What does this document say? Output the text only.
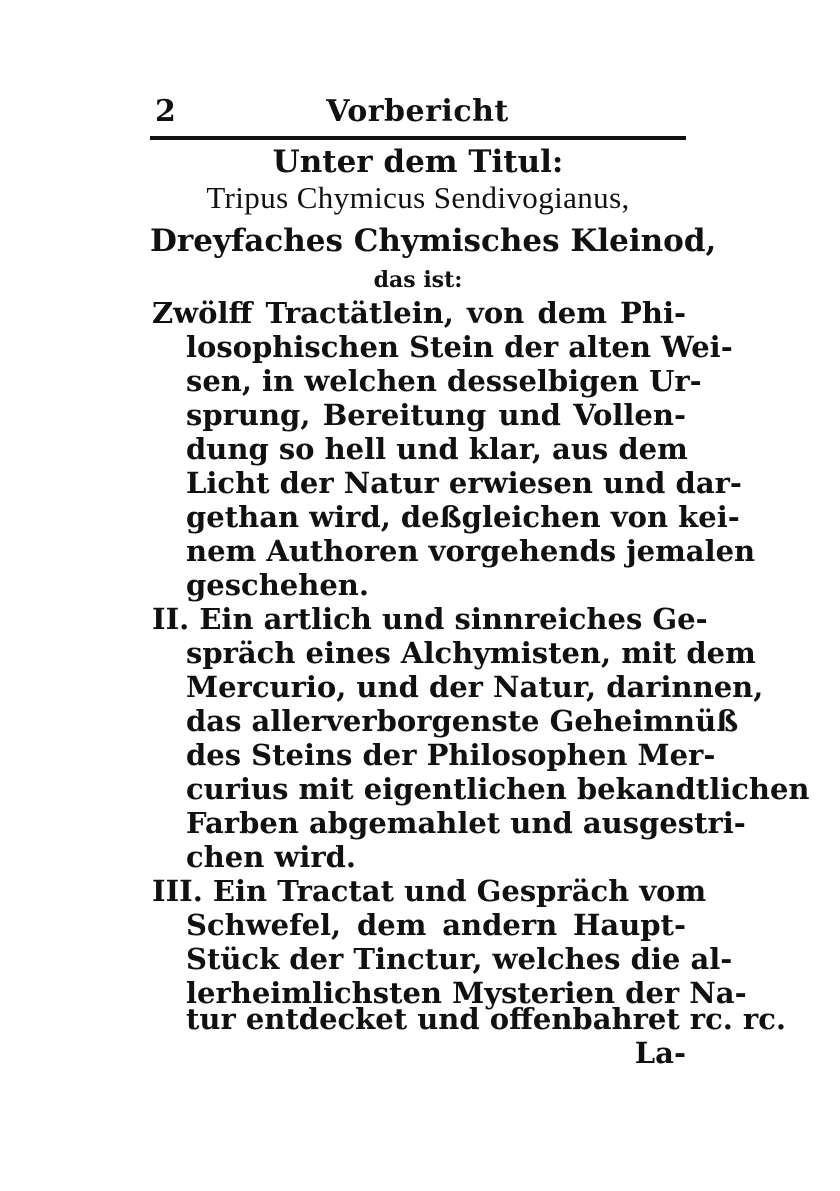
2	Vorbericht
Unter dem Titul:
Tripus Chymicus Sendivogianus,
Dreyfaches Chymisches Kleinod,
das ist:
Zwölff Tractätlein, von dem Phi-
losophischen Stein der alten Wei-
sen, in welchen desselbigen Ur-
sprung, Bereitung und Vollen-
dung so hell und klar, aus dem
Licht der Natur erwiesen und dar-
gethan wird, deßgleichen von kei-
nem Authoren vorgehends jemalen
geschehen.
II. Ein artlich und sinnreiches Ge-
spräch eines Alchymisten, mit dem
Mercurio, und der Natur, darinnen,
das allerverborgenste Geheimnüß
des Steins der Philosophen Mer-
curius mit eigentlichen bekandtlichen
Farben abgemahlet und ausgestri-
chen wird.
III. Ein Tractat und Gespräch vom
Schwefel, dem andern Haupt-
Stück der Tinctur, welches die al-
lerheimlichsten Mysterien der Na-
tur entdecket und offenbahret rc. rc.
La-
